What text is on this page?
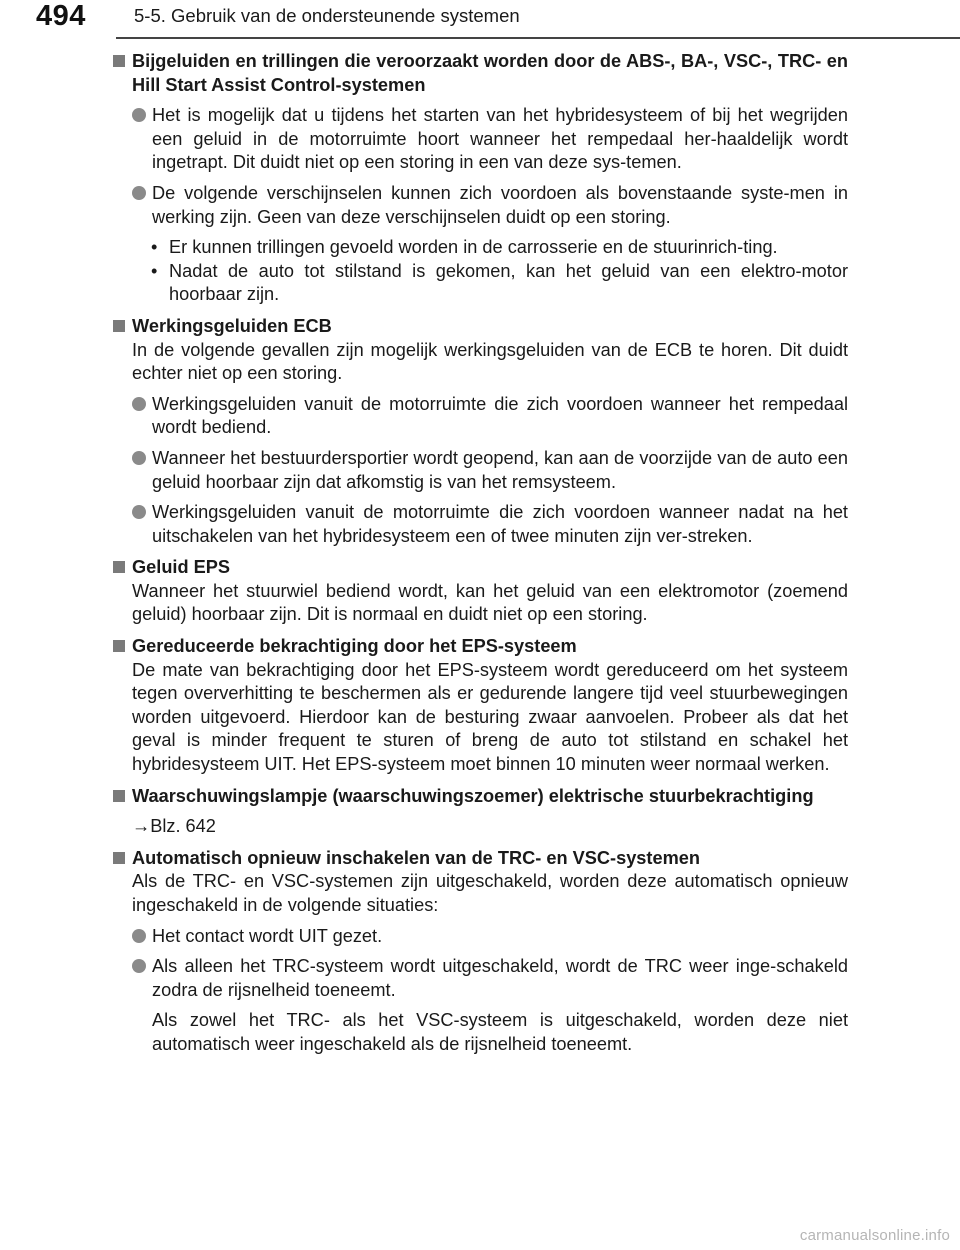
494	5-5. Gebruik van de ondersteunende systemen
Bijgeluiden en trillingen die veroorzaakt worden door de ABS-, BA-, VSC-, TRC- en Hill Start Assist Control-systemen
Het is mogelijk dat u tijdens het starten van het hybridesysteem of bij het wegrijden een geluid in de motorruimte hoort wanneer het rempedaal her-haaldelijk wordt ingetrapt. Dit duidt niet op een storing in een van deze sys-temen.
De volgende verschijnselen kunnen zich voordoen als bovenstaande syste-men in werking zijn. Geen van deze verschijnselen duidt op een storing.
• Er kunnen trillingen gevoeld worden in de carrosserie en de stuurinrich-ting.
• Nadat de auto tot stilstand is gekomen, kan het geluid van een elektro-motor hoorbaar zijn.
Werkingsgeluiden ECB
In de volgende gevallen zijn mogelijk werkingsgeluiden van de ECB te horen. Dit duidt echter niet op een storing.
Werkingsgeluiden vanuit de motorruimte die zich voordoen wanneer het rempedaal wordt bediend.
Wanneer het bestuurdersportier wordt geopend, kan aan de voorzijde van de auto een geluid hoorbaar zijn dat afkomstig is van het remsysteem.
Werkingsgeluiden vanuit de motorruimte die zich voordoen wanneer nadat na het uitschakelen van het hybridesysteem een of twee minuten zijn ver-streken.
Geluid EPS
Wanneer het stuurwiel bediend wordt, kan het geluid van een elektromotor (zoemend geluid) hoorbaar zijn. Dit is normaal en duidt niet op een storing.
Gereduceerde bekrachtiging door het EPS-systeem
De mate van bekrachtiging door het EPS-systeem wordt gereduceerd om het systeem tegen oververhitting te beschermen als er gedurende langere tijd veel stuurbewegingen worden uitgevoerd. Hierdoor kan de besturing zwaar aanvoelen. Probeer als dat het geval is minder frequent te sturen of breng de auto tot stilstand en schakel het hybridesysteem UIT. Het EPS-systeem moet binnen 10 minuten weer normaal werken.
Waarschuwingslampje (waarschuwingszoemer) elektrische stuurbekrachtiging
→Blz. 642
Automatisch opnieuw inschakelen van de TRC- en VSC-systemen
Als de TRC- en VSC-systemen zijn uitgeschakeld, worden deze automatisch opnieuw ingeschakeld in de volgende situaties:
Het contact wordt UIT gezet.
Als alleen het TRC-systeem wordt uitgeschakeld, wordt de TRC weer inge-schakeld zodra de rijsnelheid toeneemt.
Als zowel het TRC- als het VSC-systeem is uitgeschakeld, worden deze niet automatisch weer ingeschakeld als de rijsnelheid toeneemt.
carmanualsonline.info
